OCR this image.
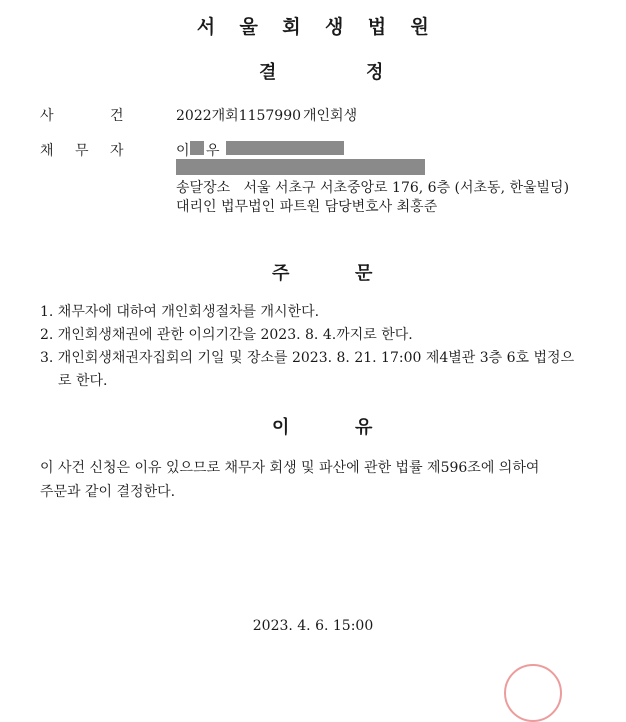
서 울 회 생 법 원
결	정
사	건	2022개회1157990 개인회생
채 무 자	이 우
송달장소   서울 서초구 서초중앙로 176, 6층 (서초동, 한울빌딩)
대리인 법무법인 파트원 담당변호사 최홍준
주	문
1. 채무자에 대하여 개인회생절차를 개시한다.
2. 개인회생채권에 관한 이의기간을 2023. 8. 4.까지로 한다.
3. 개인회생채권자집회의 기일 및 장소를 2023. 8. 21. 17:00 제4별관 3층 6호 법정으
로 한다.
이	유
이 사건 신청은 이유 있으므로 채무자 회생 및 파산에 관한 법률 제596조에 의하여
주문과 같이 결정한다.
2023. 4. 6. 15:00
